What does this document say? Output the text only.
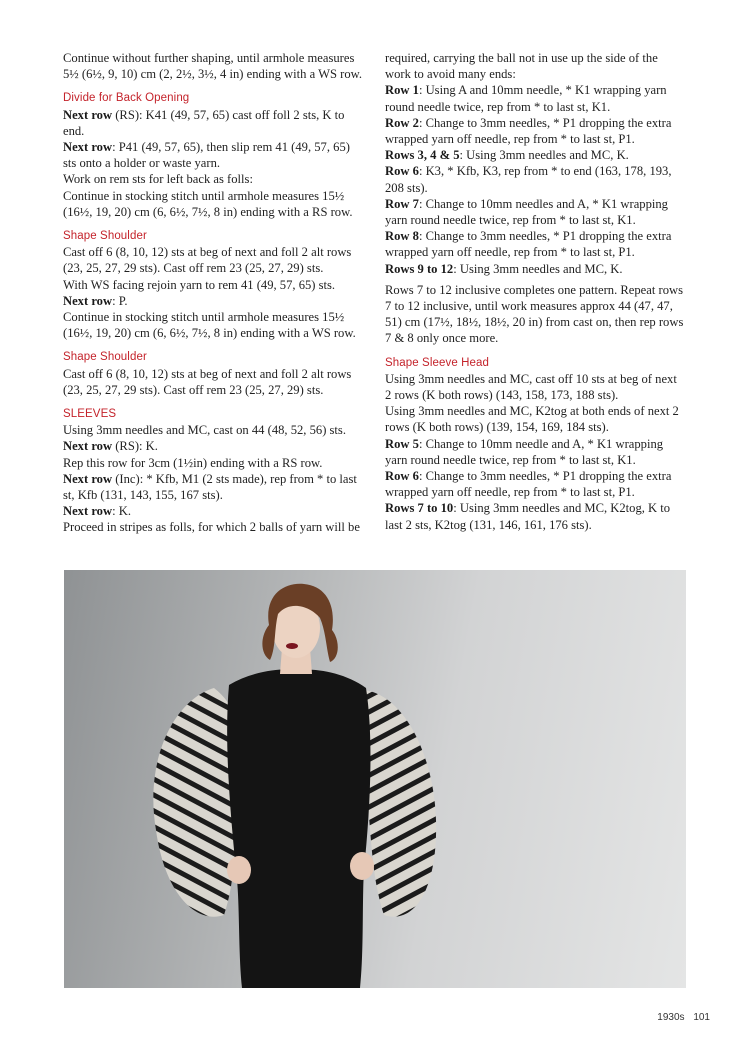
Continue without further shaping, until armhole measures 5½ (6½, 9, 10) cm (2, 2½, 3½, 4 in) ending with a WS row.

Divide for Back Opening

Next row (RS): K41 (49, 57, 65) cast off foll 2 sts, K to end.

Next row: P41 (49, 57, 65), then slip rem 41 (49, 57, 65) sts onto a holder or waste yarn.

Work on rem sts for left back as folls:

Continue in stocking stitch until armhole measures 15½ (16½, 19, 20) cm (6, 6½, 7½, 8 in) ending with a RS row.

Shape Shoulder

Cast off 6 (8, 10, 12) sts at beg of next and foll 2 alt rows (23, 25, 27, 29 sts). Cast off rem 23 (25, 27, 29) sts.

With WS facing rejoin yarn to rem 41 (49, 57, 65) sts.

Next row: P.

Continue in stocking stitch until armhole measures 15½ (16½, 19, 20) cm (6, 6½, 7½, 8 in) ending with a WS row.

Shape Shoulder

Cast off 6 (8, 10, 12) sts at beg of next and foll 2 alt rows (23, 25, 27, 29 sts). Cast off rem 23 (25, 27, 29) sts.

SLEEVES

Using 3mm needles and MC, cast on 44 (48, 52, 56) sts.

Next row (RS): K.

Rep this row for 3cm (1½in) ending with a RS row.

Next row (Inc): * Kfb, M1 (2 sts made), rep from * to last st, Kfb (131, 143, 155, 167 sts).

Next row: K.

Proceed in stripes as folls, for which 2 balls of yarn will be

required, carrying the ball not in use up the side of the work to avoid many ends:

Row 1: Using A and 10mm needle, * K1 wrapping yarn round needle twice, rep from * to last st, K1.

Row 2: Change to 3mm needles, * P1 dropping the extra wrapped yarn off needle, rep from * to last st, P1.

Rows 3, 4 & 5: Using 3mm needles and MC, K.

Row 6: K3, * Kfb, K3, rep from * to end (163, 178, 193, 208 sts).

Row 7: Change to 10mm needles and A, * K1 wrapping yarn round needle twice, rep from * to last st, K1.

Row 8: Change to 3mm needles, * P1 dropping the extra wrapped yarn off needle, rep from * to last st, P1.

Rows 9 to 12: Using 3mm needles and MC, K.

Rows 7 to 12 inclusive completes one pattern. Repeat rows 7 to 12 inclusive, until work measures approx 44 (47, 47, 51) cm (17½, 18½, 18½, 20 in) from cast on, then rep rows 7 & 8 only once more.

Shape Sleeve Head

Using 3mm needles and MC, cast off 10 sts at beg of next 2 rows (K both rows) (143, 158, 173, 188 sts).

Using 3mm needles and MC, K2tog at both ends of next 2 rows (K both rows) (139, 154, 169, 184 sts).

Row 5: Change to 10mm needle and A, * K1 wrapping yarn round needle twice, rep from * to last st, K1.

Row 6: Change to 3mm needles, * P1 dropping the extra wrapped yarn off needle, rep from * to last st, P1.

Rows 7 to 10: Using 3mm needles and MC, K2tog, K to last 2 sts, K2tog (131, 146, 161, 176 sts).

1930s 101
